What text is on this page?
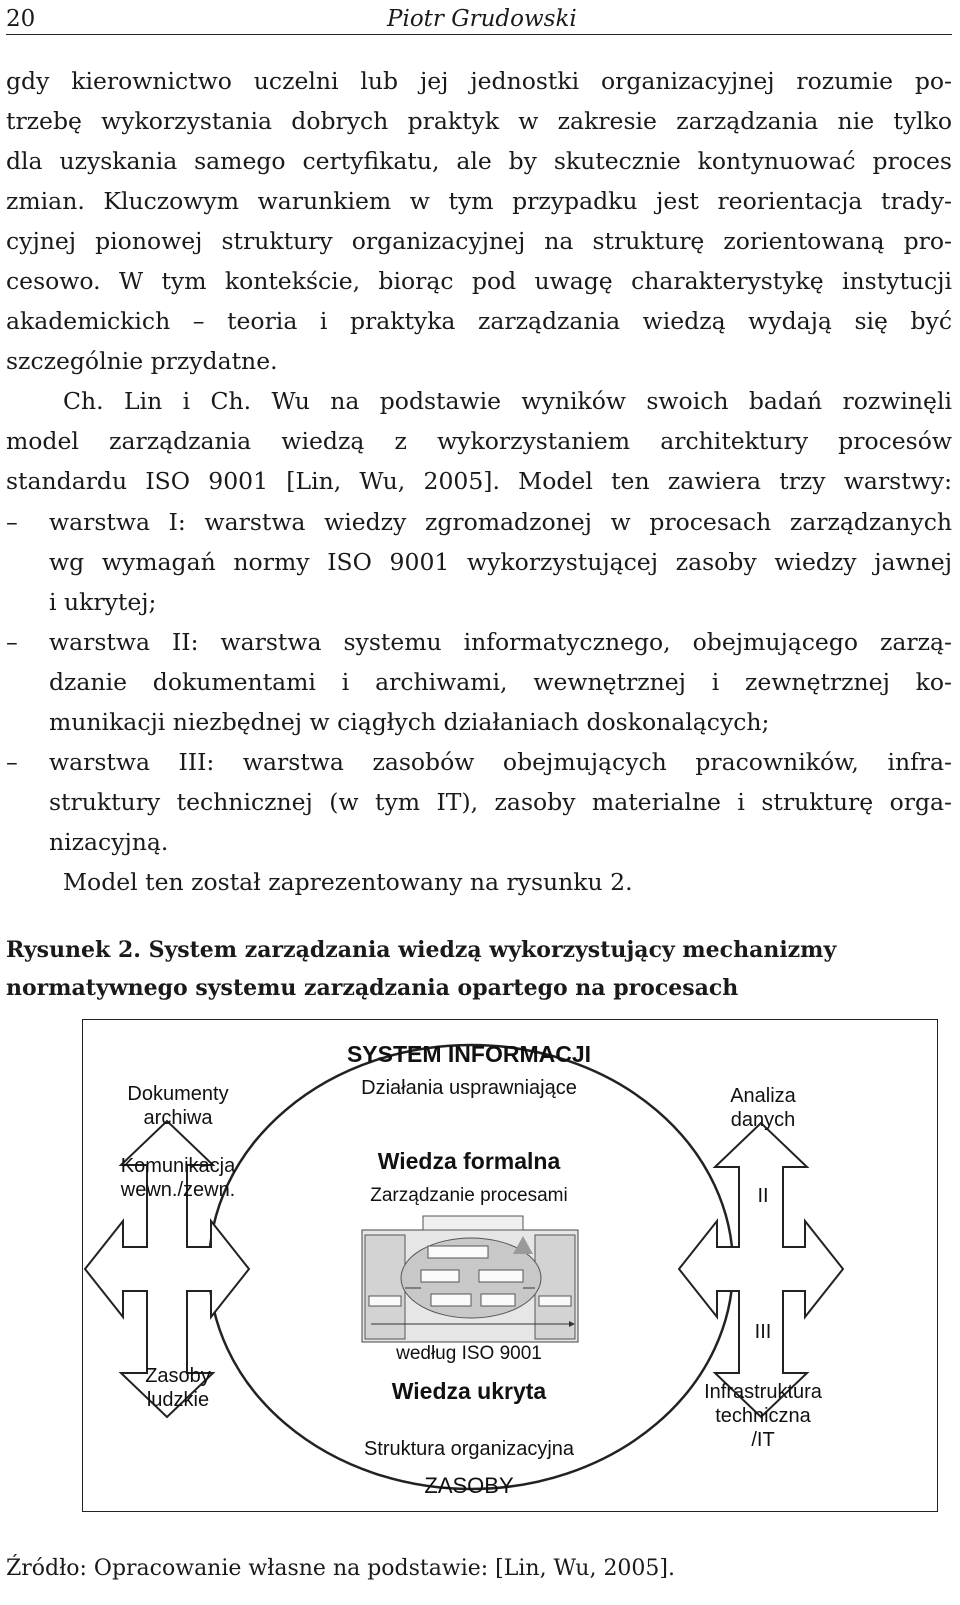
20	Piotr Grudowski
gdy kierownictwo uczelni lub jej jednostki organizacyjnej rozumie po-
trzebę wykorzystania dobrych praktyk w zakresie zarządzania nie tylko
dla uzyskania samego certyfikatu, ale by skutecznie kontynuować proces
zmian. Kluczowym warunkiem w tym przypadku jest reorientacja trady-
cyjnej pionowej struktury organizacyjnej na strukturę zorientowaną pro-
cesowo. W tym kontekście, biorąc pod uwagę charakterystykę instytucji
akademickich – teoria i praktyka zarządzania wiedzą wydają się być
szczególnie przydatne.
Ch. Lin i Ch. Wu na podstawie wyników swoich badań rozwinęli
model zarządzania wiedzą z wykorzystaniem architektury procesów
standardu ISO 9001 [Lin, Wu, 2005]. Model ten zawiera trzy warstwy:
– warstwa I: warstwa wiedzy zgromadzonej w procesach zarządzanych
wg wymagań normy ISO 9001 wykorzystującej zasoby wiedzy jawnej
i ukrytej;
– warstwa II: warstwa systemu informatycznego, obejmującego zarzą-
dzanie dokumentami i archiwami, wewnętrznej i zewnętrznej ko-
munikacji niezbędnej w ciągłych działaniach doskonalących;
– warstwa III: warstwa zasobów obejmujących pracowników, infra-
struktury technicznej (w tym IT), zasoby materialne i strukturę orga-
nizacyjną.
Model ten został zaprezentowany na rysunku 2.
Rysunek 2. System zarządzania wiedzą wykorzystujący mechanizmy
normatywnego systemu zarządzania opartego na procesach
SYSTEM INFORMACJI
Działania usprawniające
Dokumenty
archiwa
Komunikacja
wewn./zewn.
Analiza
danych
II
III
Wiedza formalna
Zarządzanie procesami
według ISO 9001
Wiedza ukryta
Zasoby
ludzkie	Infrastruktura
techniczna
/IT
Struktura organizacyjna
ZASOBY
Źródło: Opracowanie własne na podstawie: [Lin, Wu, 2005].
